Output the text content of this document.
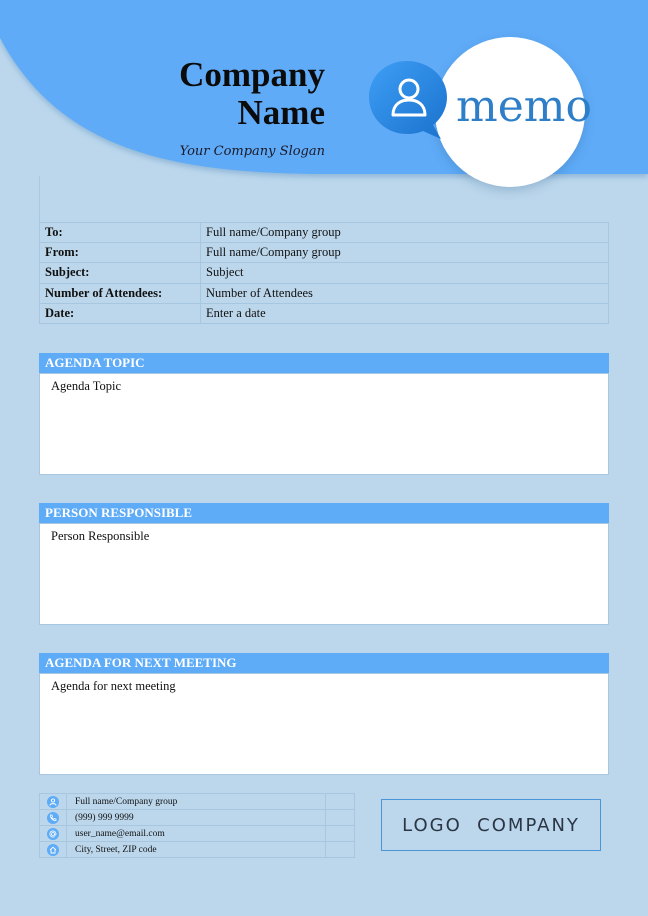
Company Name
Your Company Slogan
memo
To:	Full name/Company group
From:	Full name/Company group
Subject:	Subject
Number of Attendees:	Number of Attendees
Date:	Enter a date
AGENDA TOPIC
Agenda Topic
PERSON RESPONSIBLE
Person Responsible
AGENDA FOR NEXT MEETING
Agenda for next meeting
	Full name/Company group		

	(999) 999 9999		

	user_name@email.com		

	City, Street, ZIP code		
LOGO  COMPANY
